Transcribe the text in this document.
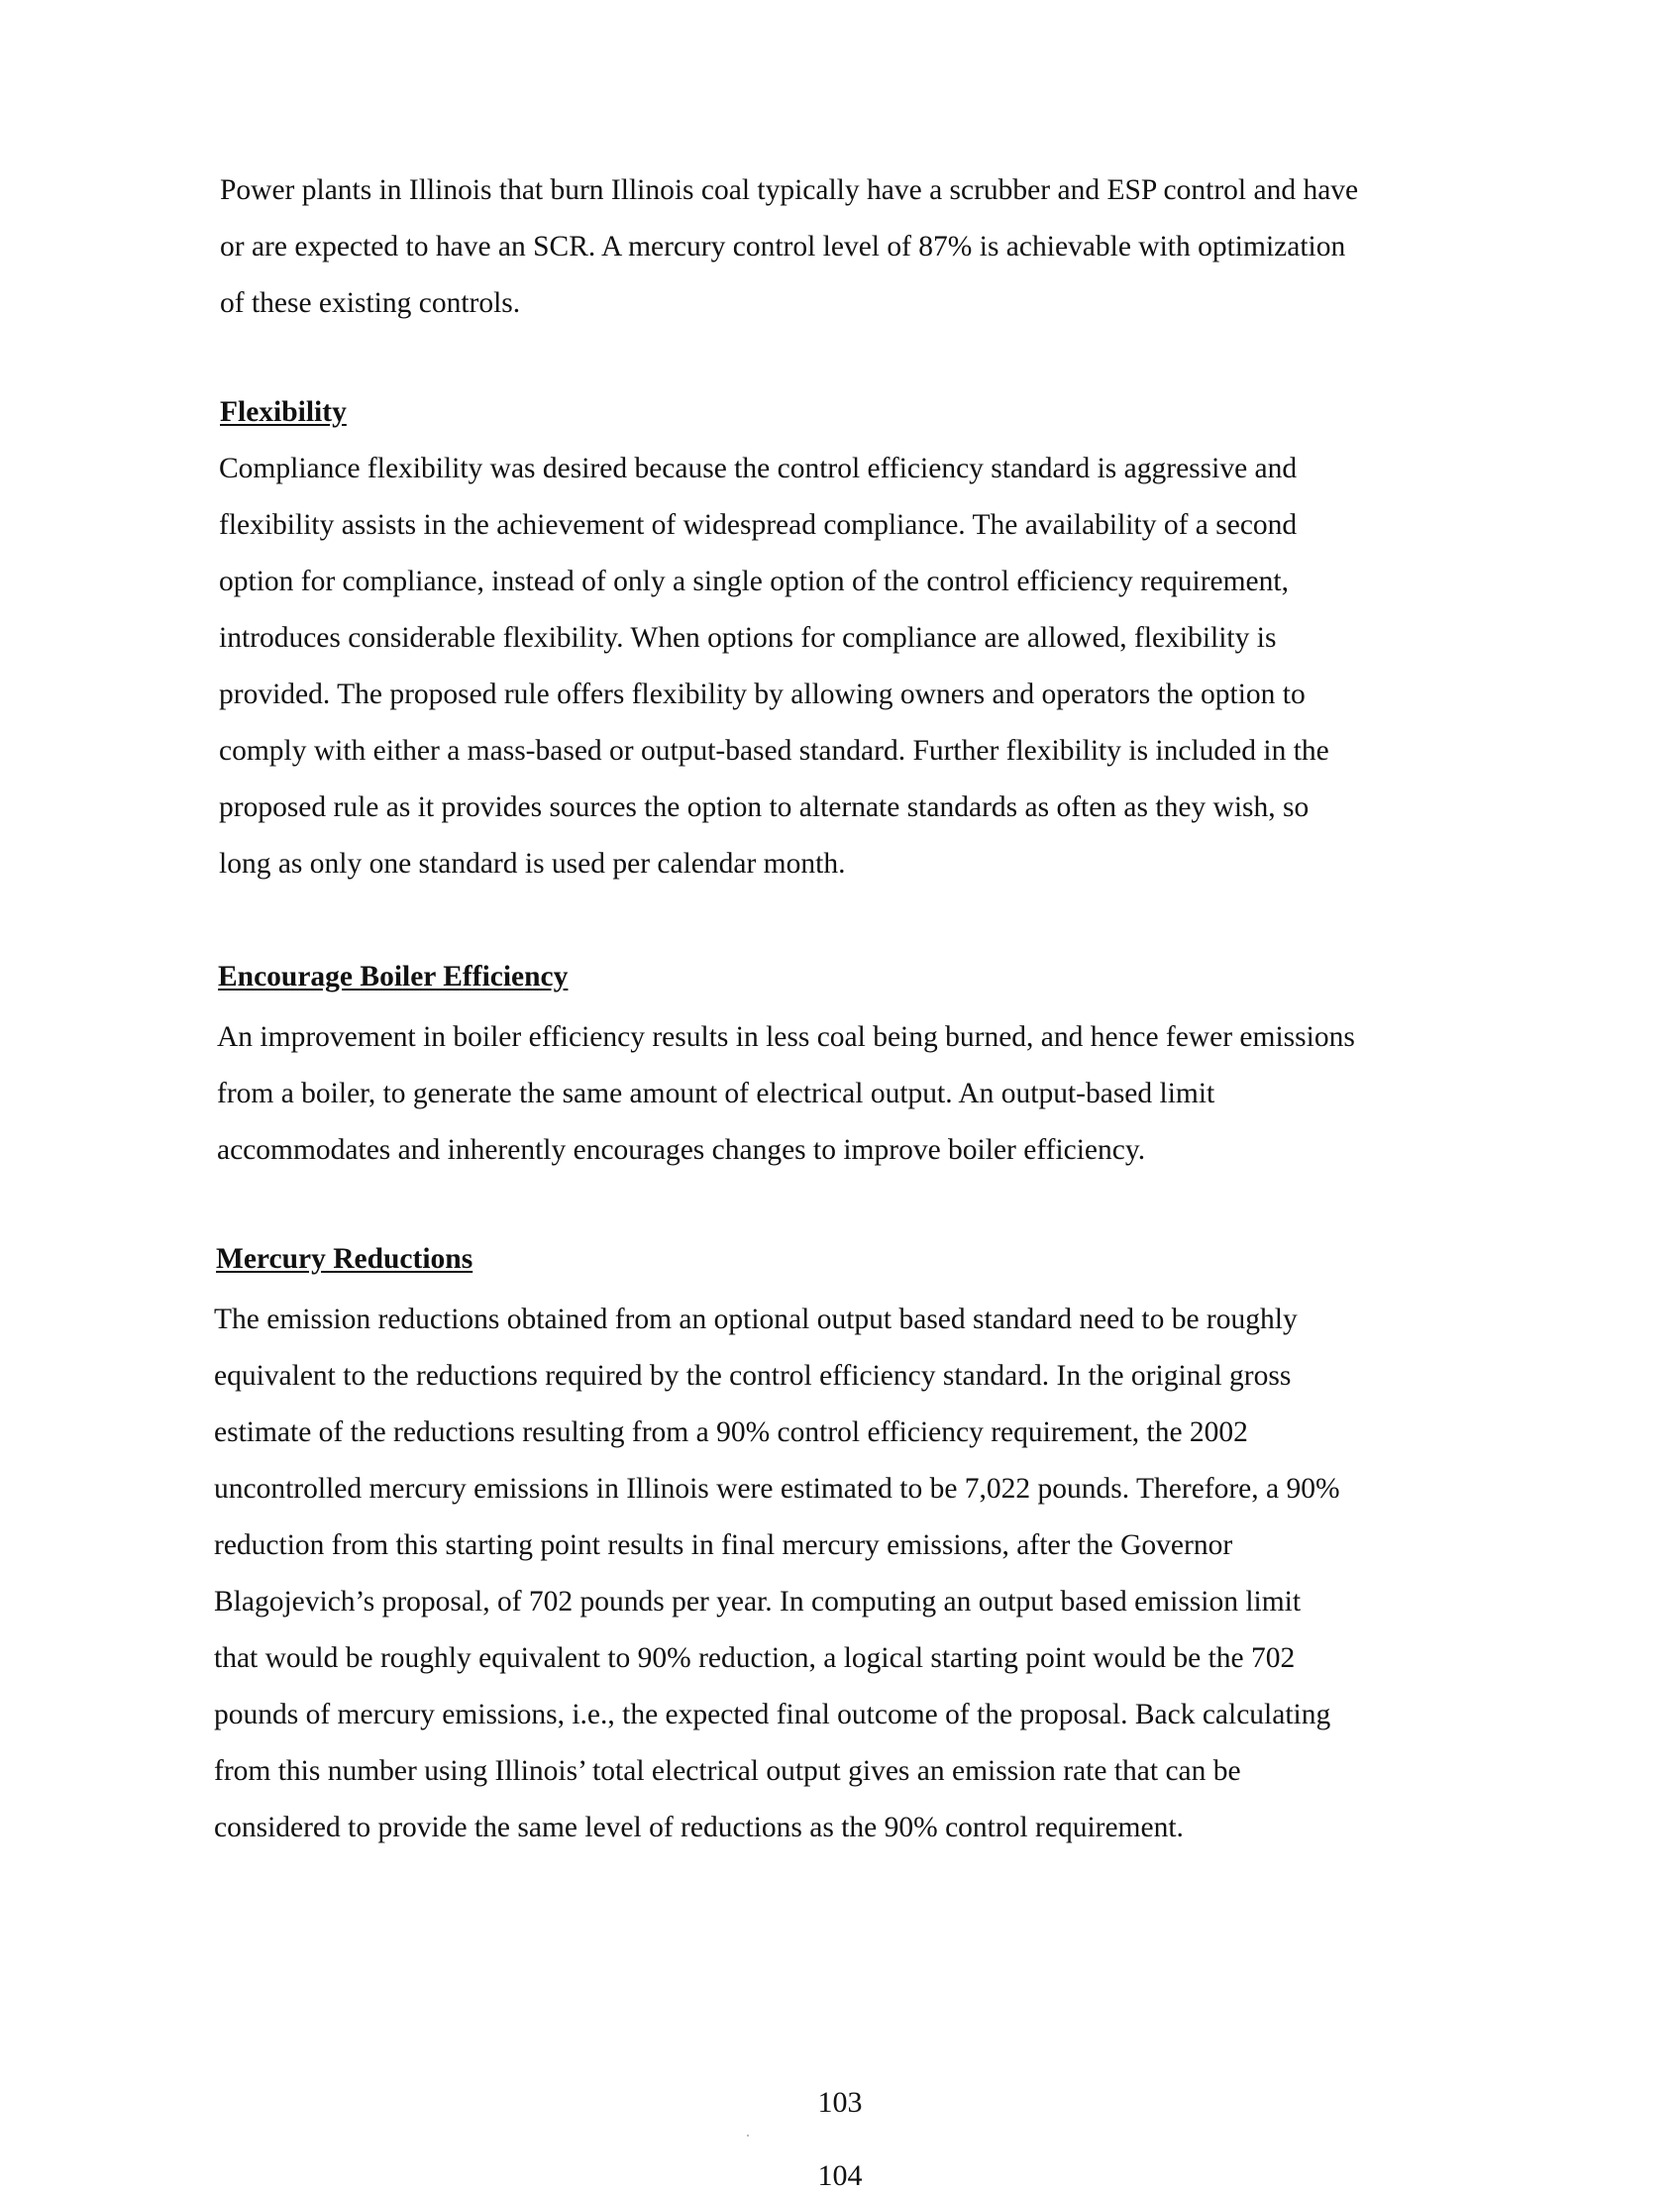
Power plants in Illinois that burn Illinois coal typically have a scrubber and ESP control and have
or are expected to have an SCR. A mercury control level of 87% is achievable with optimization
of these existing controls.

Flexibility

Compliance flexibility was desired because the control efficiency standard is aggressive and
flexibility assists in the achievement of widespread compliance. The availability of a second
option for compliance, instead of only a single option of the control efficiency requirement,
introduces considerable flexibility. When options for compliance are allowed, flexibility is
provided. The proposed rule offers flexibility by allowing owners and operators the option to
comply with either a mass-based or output-based standard. Further flexibility is included in the
proposed rule as it provides sources the option to alternate standards as often as they wish, so
long as only one standard is used per calendar month.

Encourage Boiler Efficiency

An improvement in boiler efficiency results in less coal being burned, and hence fewer emissions
from a boiler, to generate the same amount of electrical output. An output-based limit
accommodates and inherently encourages changes to improve boiler efficiency.

Mercury Reductions

The emission reductions obtained from an optional output based standard need to be roughly
equivalent to the reductions required by the control efficiency standard. In the original gross
estimate of the reductions resulting from a 90% control efficiency requirement, the 2002
uncontrolled mercury emissions in Illinois were estimated to be 7,022 pounds. Therefore, a 90%
reduction from this starting point results in final mercury emissions, after the Governor
Blagojevich’s proposal, of 702 pounds per year. In computing an output based emission limit
that would be roughly equivalent to 90% reduction, a logical starting point would be the 702
pounds of mercury emissions, i.e., the expected final outcome of the proposal. Back calculating
from this number using Illinois’ total electrical output gives an emission rate that can be
considered to provide the same level of reductions as the 90% control requirement.

103

104
